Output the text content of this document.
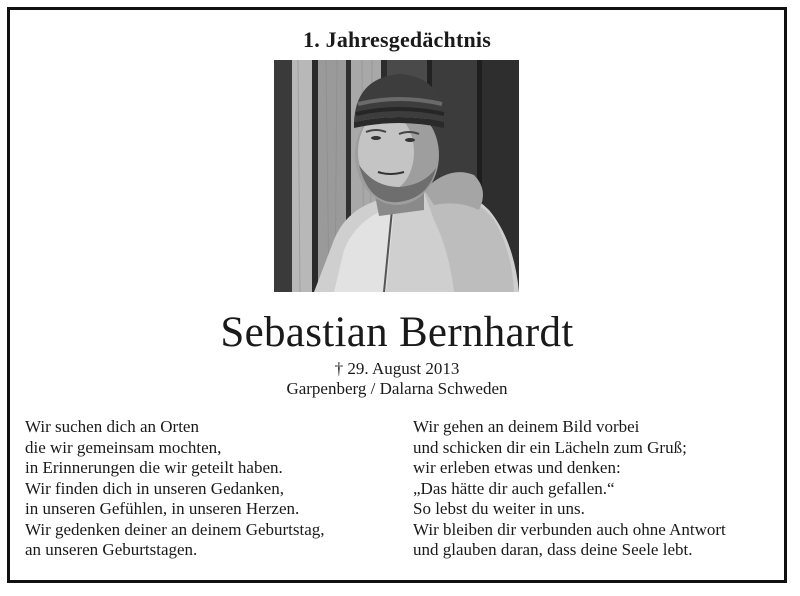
1. Jahresgedächtnis
Sebastian Bernhardt
† 29. August 2013
Garpenberg / Dalarna Schweden
Wir suchen dich an Orten
die wir gemeinsam mochten,
in Erinnerungen die wir geteilt haben.
Wir finden dich in unseren Gedanken,
in unseren Gefühlen, in unseren Herzen.
Wir gedenken deiner an deinem Geburtstag,
an unseren Geburtstagen.
Wir gehen an deinem Bild vorbei
und schicken dir ein Lächeln zum Gruß;
wir erleben etwas und denken:
„Das hätte dir auch gefallen.“
So lebst du weiter in uns.
Wir bleiben dir verbunden auch ohne Antwort
und glauben daran, dass deine Seele lebt.
